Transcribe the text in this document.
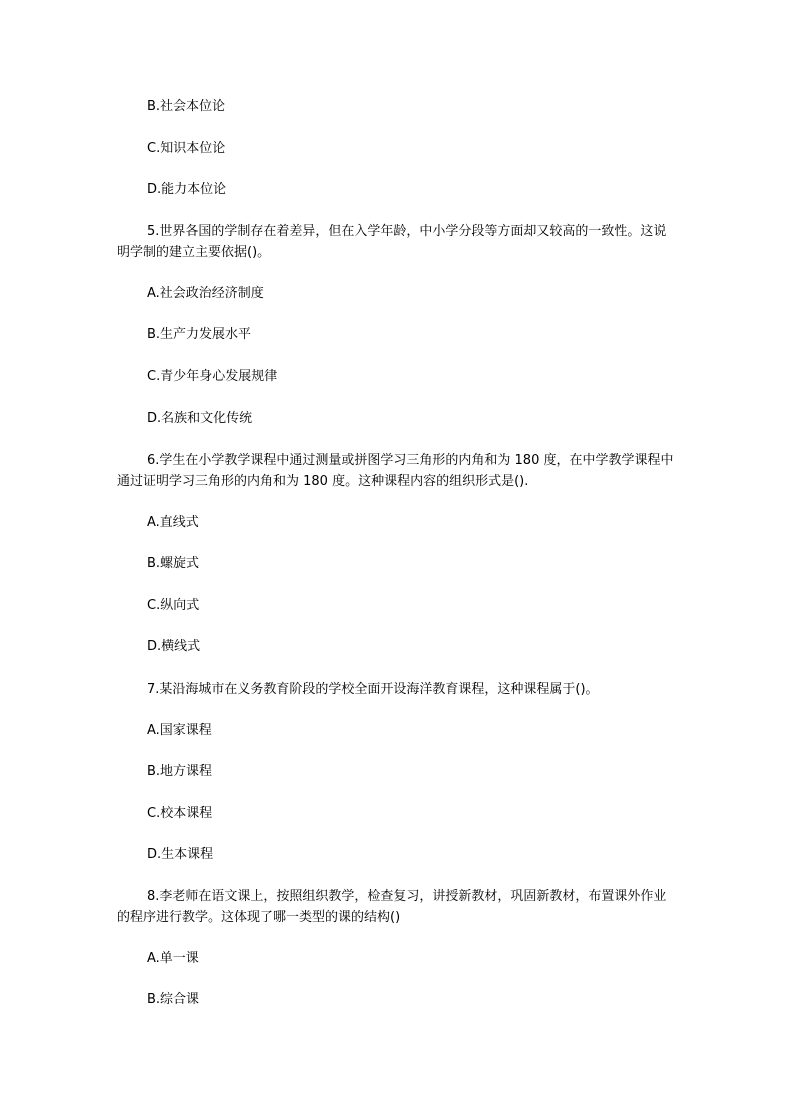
B.社会本位论
C.知识本位论
D.能力本位论
5.世界各国的学制存在着差异，但在入学年龄，中小学分段等方面却又较高的一致性。这说明学制的建立主要依据()。
A.社会政治经济制度
B.生产力发展水平
C.青少年身心发展规律
D.名族和文化传统
6.学生在小学教学课程中通过测量或拼图学习三角形的内角和为 180 度，在中学教学课程中通过证明学习三角形的内角和为 180 度。这种课程内容的组织形式是().
A.直线式
B.螺旋式
C.纵向式
D.横线式
7.某沿海城市在义务教育阶段的学校全面开设海洋教育课程，这种课程属于()。
A.国家课程
B.地方课程
C.校本课程
D.生本课程
8.李老师在语文课上，按照组织教学，检查复习，讲授新教材，巩固新教材，布置课外作业的程序进行教学。这体现了哪一类型的课的结构()
A.单一课
B.综合课
